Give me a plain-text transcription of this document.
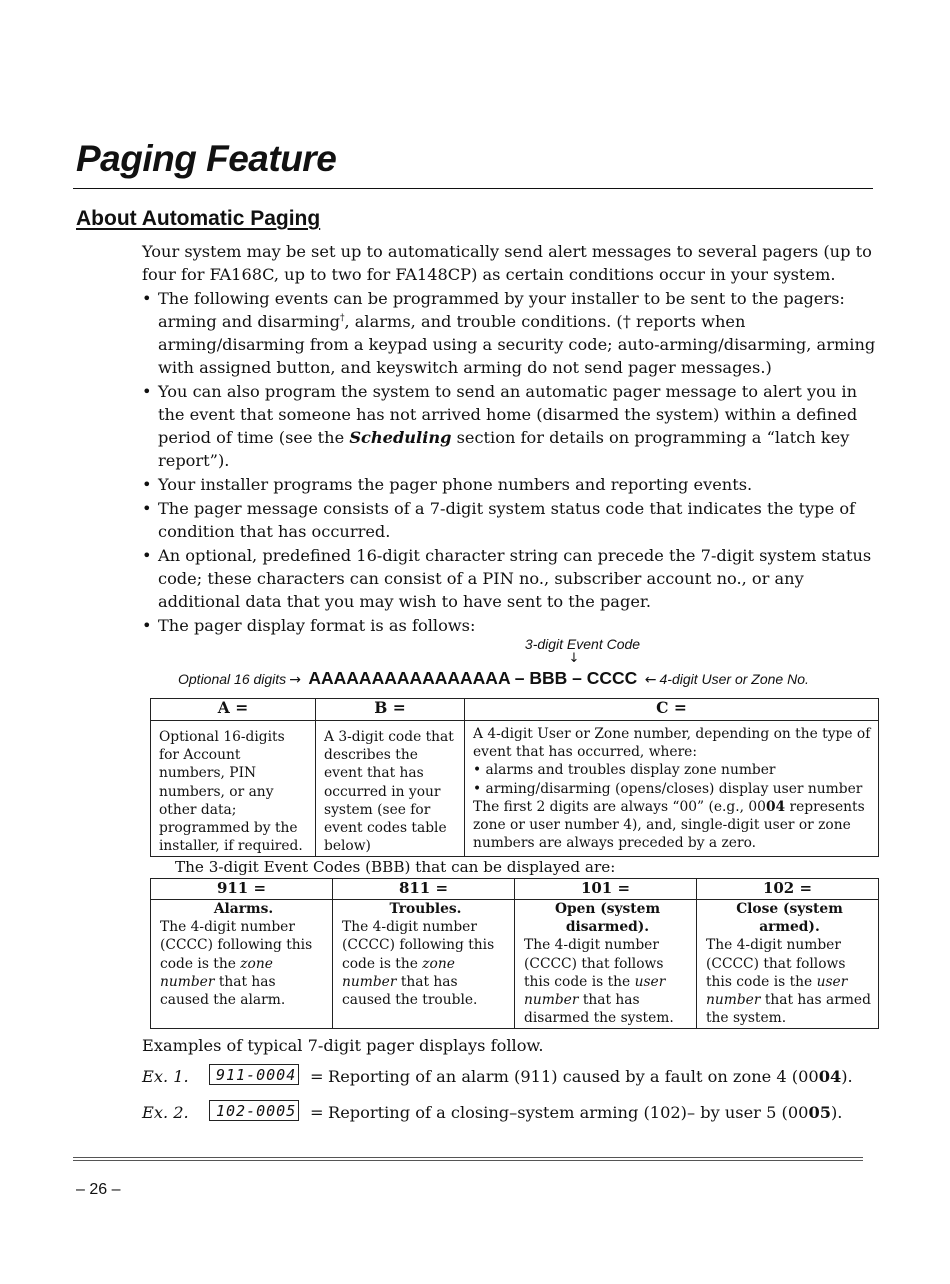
Paging Feature
About Automatic Paging

Your system may be set up to automatically send alert messages to several pagers (up to four for FA168C, up to two for FA148CP) as certain conditions occur in your system.

• The following events can be programmed by your installer to be sent to the pagers: arming and disarming†, alarms, and trouble conditions. († reports when arming/disarming from a keypad using a security code; auto-arming/disarming, arming with assigned button, and keyswitch arming do not send pager messages.)
• You can also program the system to send an automatic pager message to alert you in the event that someone has not arrived home (disarmed the system) within a defined period of time (see the Scheduling section for details on programming a “latch key report”).
• Your installer programs the pager phone numbers and reporting events.
• The pager message consists of a 7-digit system status code that indicates the type of condition that has occurred.
• An optional, predefined 16-digit character string can precede the 7-digit system status code; these characters can consist of a PIN no., subscriber account no., or any additional data that you may wish to have sent to the pager.
• The pager display format is as follows:
3-digit Event Code
↓
Optional 16 digits → AAAAAAAAAAAAAAAA – BBB – CCCC ← 4-digit User or Zone No.
A =	B =	C =
Optional 16-digits for Account numbers, PIN numbers, or any other data; programmed by the installer, if required.	A 3-digit code that describes the event that has occurred in your system (see for event codes table below)	A 4-digit User or Zone number, depending on the type of event that has occurred, where:
• alarms and troubles display zone number
• arming/disarming (opens/closes) display user number
The first 2 digits are always “00” (e.g., 0004 represents zone or user number 4), and, single-digit user or zone numbers are always preceded by a zero.

The 3-digit Event Codes (BBB) that can be displayed are:

911 =	811 =	101 =	102 =

Alarms.
The 4-digit number (CCCC) following this code is the zone number that has caused the alarm.	Troubles.
The 4-digit number (CCCC) following this code is the zone number that has caused the trouble.	Open (system disarmed).
The 4-digit number (CCCC) that follows this code is the user number that has disarmed the system.	Close (system armed).
The 4-digit number (CCCC) that follows this code is the user number that has armed the system.

Examples of typical 7-digit pager displays follow.

Ex. 1.	911-0004 = Reporting of an alarm (911) caused by a fault on zone 4 (0004).
Ex. 2.	102-0005 = Reporting of a closing–system arming (102)– by user 5 (0005).

– 26 –
